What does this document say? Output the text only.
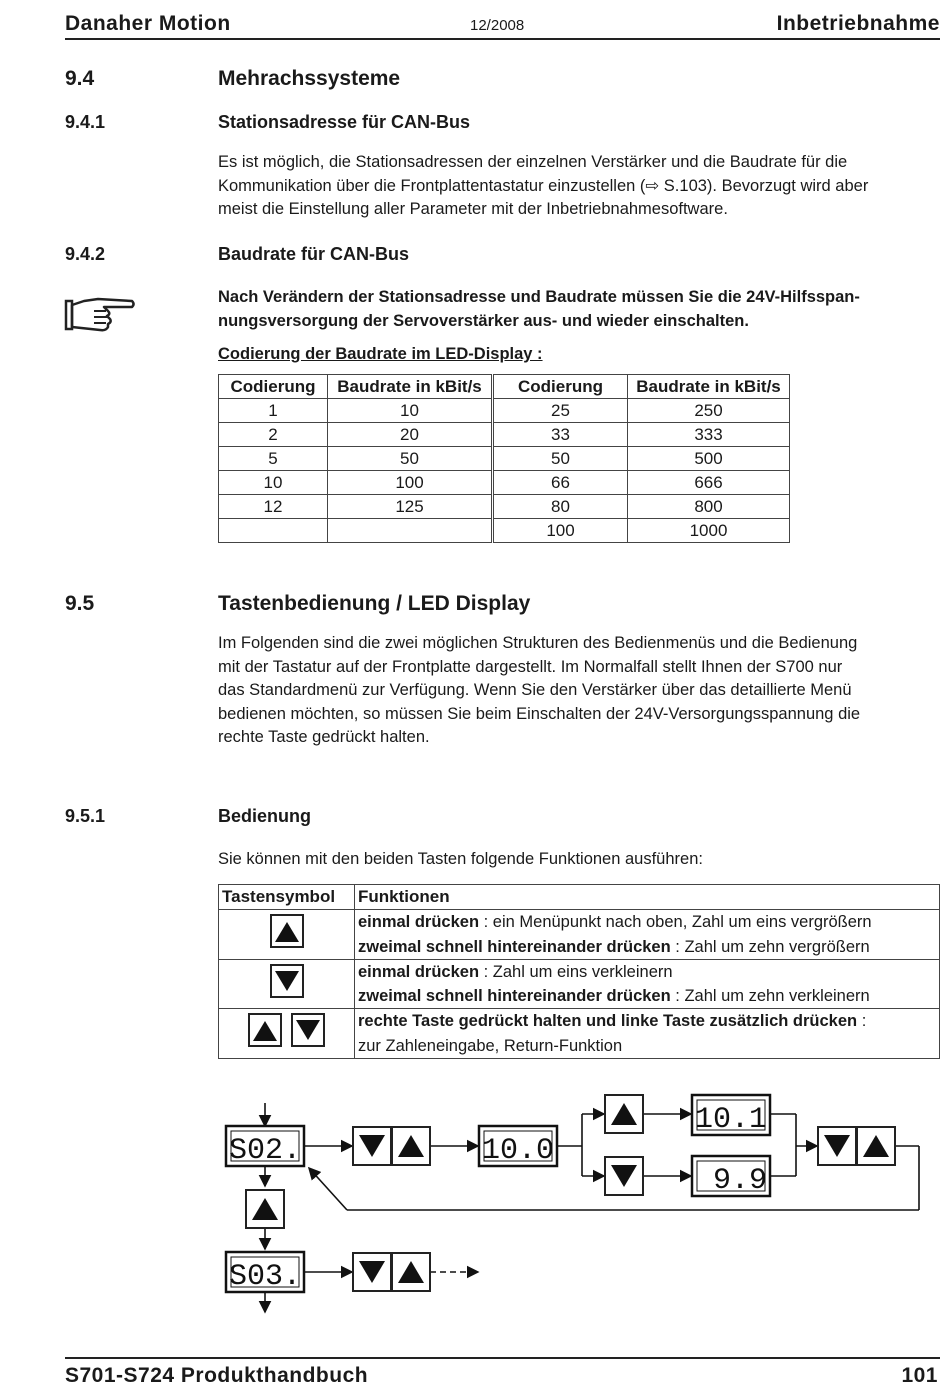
Danaher Motion	12/2008	Inbetriebnahme
9.4	Mehrachssysteme
9.4.1	Stationsadresse für CAN-Bus
Es ist möglich, die Stationsadressen der einzelnen Verstärker und die Baudrate für die
Kommunikation über die Frontplattentastatur einzustellen (⇨ S.103). Bevorzugt wird aber
meist die Einstellung aller Parameter mit der Inbetriebnahmesoftware.
9.4.2	Baudrate für CAN-Bus
Nach Verändern der Stationsadresse und Baudrate müssen Sie die 24V-Hilfsspan-
nungsversorgung der Servoverstärker aus- und wieder einschalten.
Codierung der Baudrate im LED-Display :
Codierung	Baudrate in kBit/s	Codierung	Baudrate in kBit/s
1	10	25	250
2	20	33	333
5	50	50	500
10	100	66	666
12	125	80	800
		100	1000
9.5	Tastenbedienung / LED Display
Im Folgenden sind die zwei möglichen Strukturen des Bedienmenüs und die Bedienung
mit der Tastatur auf der Frontplatte dargestellt. Im Normalfall stellt Ihnen der S700 nur
das Standardmenü zur Verfügung. Wenn Sie den Verstärker über das detaillierte Menü
bedienen möchten, so müssen Sie beim Einschalten der 24V-Versorgungsspannung die
rechte Taste gedrückt halten.
9.5.1	Bedienung
Sie können mit den beiden Tasten folgende Funktionen ausführen:
Tastensymbol	Funktionen

einmal drücken : ein Menüpunkt nach oben, Zahl um eins vergrößern
zweimal schnell hintereinander drücken : Zahl um zehn vergrößern

einmal drücken : Zahl um eins verkleinern
zweimal schnell hintereinander drücken : Zahl um zehn verkleinern

rechte Taste gedrückt halten und linke Taste zusätzlich drücken :
zur Zahleneingabe, Return-Funktion
S02.	10.0
10.1
9.9
S03.
S701-S724 Produkthandbuch	101
